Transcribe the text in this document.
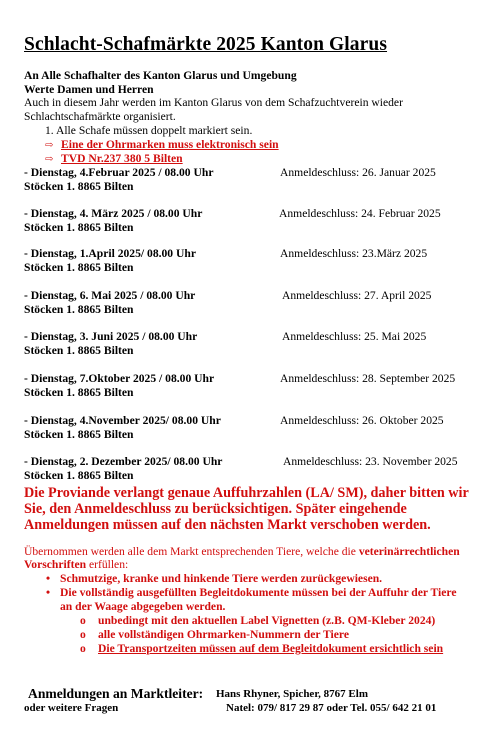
Schlacht-Schafmärkte 2025 Kanton Glarus
An Alle Schafhalter des Kanton Glarus und Umgebung
Werte Damen und Herren
Auch in diesem Jahr werden im Kanton Glarus von dem Schafzuchtverein wieder
Schlachtschafmärkte organisiert.
1. Alle Schafe müssen doppelt markiert sein.
⇨ Eine der Ohrmarken muss elektronisch sein
⇨ TVD Nr.237 380 5 Bilten
- Dienstag, 4.Februar 2025 / 08.00 Uhr	Anmeldeschluss: 26. Januar 2025
Stöcken 1. 8865 Bilten
- Dienstag, 4. März 2025 / 08.00 Uhr	Anmeldeschluss: 24. Februar 2025
Stöcken 1. 8865 Bilten
- Dienstag, 1.April 2025/ 08.00 Uhr	Anmeldeschluss: 23.März 2025
Stöcken 1. 8865 Bilten
- Dienstag, 6. Mai 2025 / 08.00 Uhr	Anmeldeschluss: 27. April 2025
Stöcken 1. 8865 Bilten
- Dienstag, 3. Juni 2025 / 08.00 Uhr	Anmeldeschluss: 25. Mai 2025
Stöcken 1. 8865 Bilten
- Dienstag, 7.Oktober 2025 / 08.00 Uhr	Anmeldeschluss: 28. September 2025
Stöcken 1. 8865 Bilten
- Dienstag, 4.November 2025/ 08.00 Uhr	Anmeldeschluss: 26. Oktober 2025
Stöcken 1. 8865 Bilten
- Dienstag, 2. Dezember 2025/ 08.00 Uhr	Anmeldeschluss: 23. November 2025
Stöcken 1. 8865 Bilten
Die Proviande verlangt genaue Auffuhrzahlen (LA/ SM), daher bitten wir
Sie, den Anmeldeschluss zu berücksichtigen. Später eingehende
Anmeldungen müssen auf den nächsten Markt verschoben werden.
Übernommen werden alle dem Markt entsprechenden Tiere, welche die veterinärrechtlichen
Vorschriften erfüllen:
• Schmutzige, kranke und hinkende Tiere werden zurückgewiesen.
• Die vollständig ausgefüllten Begleitdokumente müssen bei der Auffuhr der Tiere
an der Waage abgegeben werden.
o unbedingt mit den aktuellen Label Vignetten (z.B. QM-Kleber 2024)
o alle vollständigen Ohrmarken-Nummern der Tiere
o Die Transportzeiten müssen auf dem Begleitdokument ersichtlich sein
Anmeldungen an Marktleiter: Hans Rhyner, Spicher, 8767 Elm
oder weitere Fragen	Natel: 079/ 817 29 87 oder Tel. 055/ 642 21 01
